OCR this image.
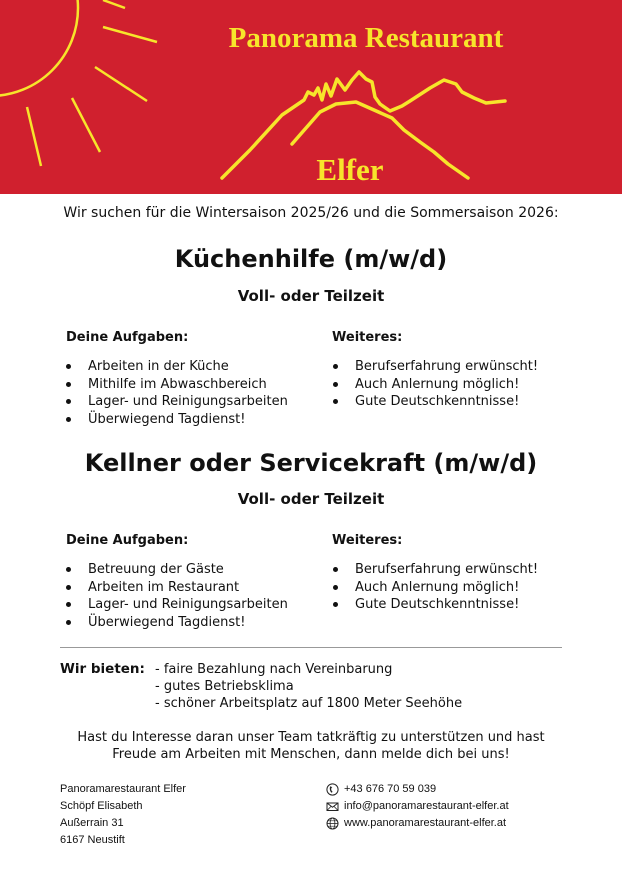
Panorama Restaurant
Elfer
Wir suchen für die Wintersaison 2025/26 und die Sommersaison 2026:
Küchenhilfe (m/w/d)
Voll- oder Teilzeit
Deine Aufgaben:	Weiteres:
Arbeiten in der Küche
Mithilfe im Abwaschbereich
Lager- und Reinigungsarbeiten
Überwiegend Tagdienst!
Berufserfahrung erwünscht!
Auch Anlernung möglich!
Gute Deutschkenntnisse!
Kellner oder Servicekraft (m/w/d)
Voll- oder Teilzeit
Deine Aufgaben:	Weiteres:
Betreuung der Gäste
Arbeiten im Restaurant
Lager- und Reinigungsarbeiten
Überwiegend Tagdienst!
Berufserfahrung erwünscht!
Auch Anlernung möglich!
Gute Deutschkenntnisse!
Wir bieten: - faire Bezahlung nach Vereinbarung
- gutes Betriebsklima
- schöner Arbeitsplatz auf 1800 Meter Seehöhe
Hast du Interesse daran unser Team tatkräftig zu unterstützen und hast
Freude am Arbeiten mit Menschen, dann melde dich bei uns!
Panoramarestaurant Elfer
Schöpf Elisabeth
Außerrain 31
6167 Neustift
+43 676 70 59 039
info@panoramarestaurant-elfer.at
www.panoramarestaurant-elfer.at
